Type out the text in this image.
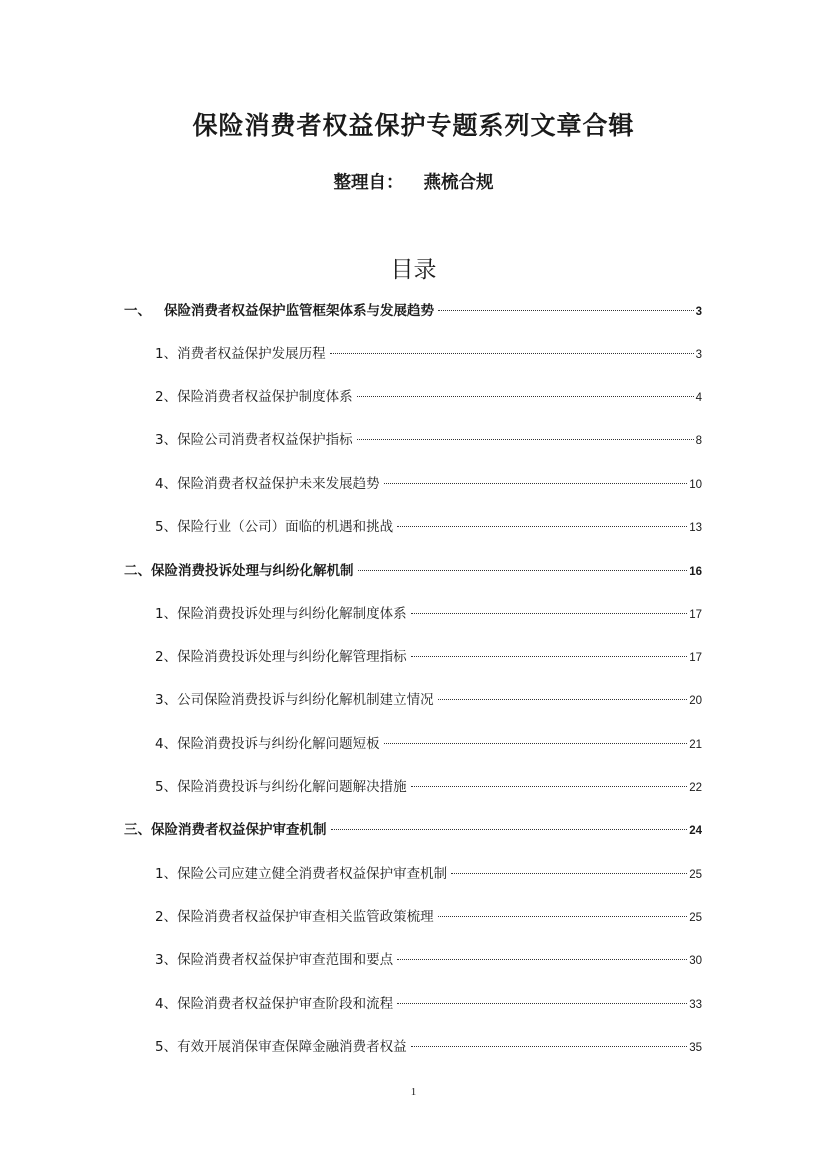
保险消费者权益保护专题系列文章合辑
整理自： 燕梳合规
目录
一、 保险消费者权益保护监管框架体系与发展趋势	3
1、 消费者权益保护发展历程	3
2、 保险消费者权益保护制度体系	4
3、 保险公司消费者权益保护指标	8
4、 保险消费者权益保护未来发展趋势	10
5、 保险行业（公司）面临的机遇和挑战	13
二、 保险消费投诉处理与纠纷化解机制	16
1、 保险消费投诉处理与纠纷化解制度体系	17
2、 保险消费投诉处理与纠纷化解管理指标	17
3、 公司保险消费投诉与纠纷化解机制建立情况	20
4、 保险消费投诉与纠纷化解问题短板	21
5、 保险消费投诉与纠纷化解问题解决措施	22
三、 保险消费者权益保护审查机制	24
1、 保险公司应建立健全消费者权益保护审查机制	25
2、 保险消费者权益保护审查相关监管政策梳理	25
3、 保险消费者权益保护审查范围和要点	30
4、 保险消费者权益保护审查阶段和流程	33
5、 有效开展消保审查保障金融消费者权益	35
1
